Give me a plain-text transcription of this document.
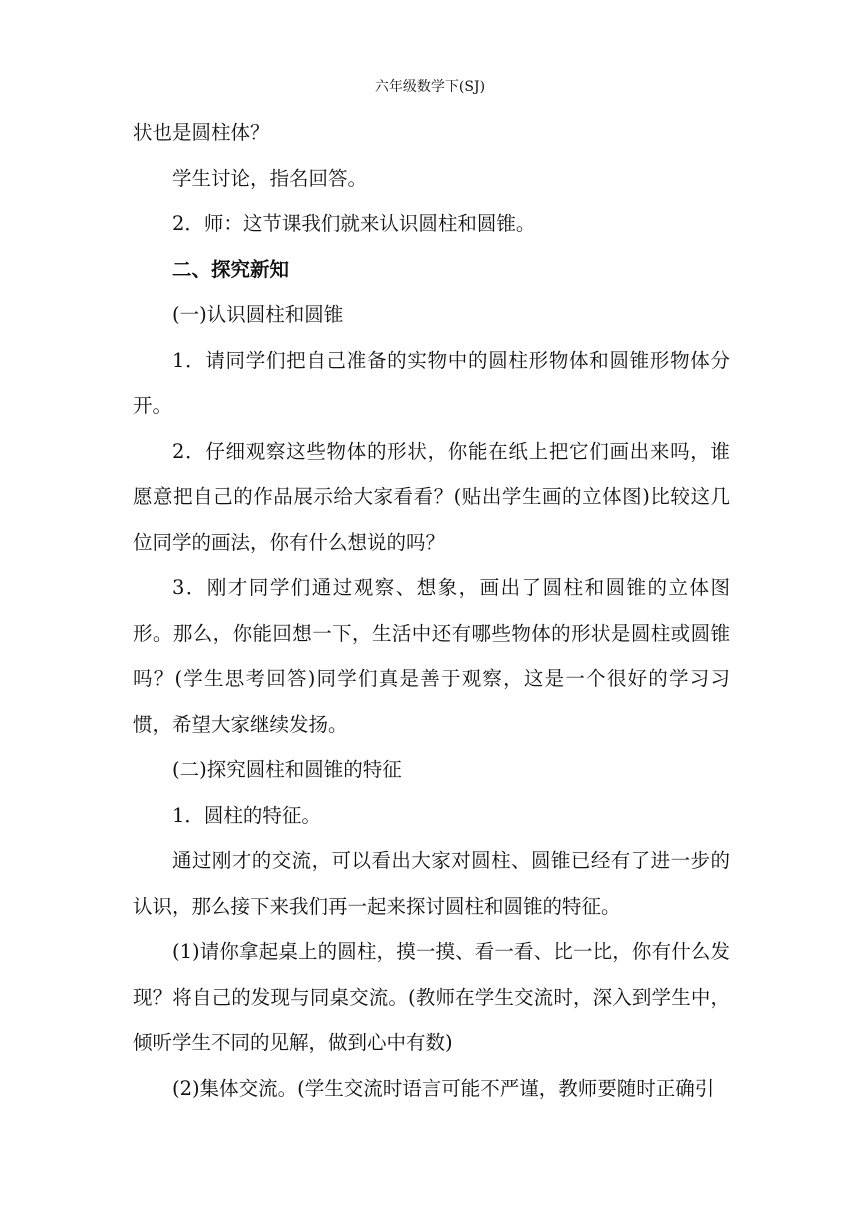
六年级数学下(SJ)

状也是圆柱体？

学生讨论，指名回答。

2．师：这节课我们就来认识圆柱和圆锥。

二、探究新知

(一)认识圆柱和圆锥

1．请同学们把自己准备的实物中的圆柱形物体和圆锥形物体分开。

2．仔细观察这些物体的形状，你能在纸上把它们画出来吗，谁愿意把自己的作品展示给大家看看？(贴出学生画的立体图)比较这几位同学的画法，你有什么想说的吗？

3．刚才同学们通过观察、想象，画出了圆柱和圆锥的立体图形。那么，你能回想一下，生活中还有哪些物体的形状是圆柱或圆锥吗？(学生思考回答)同学们真是善于观察，这是一个很好的学习习惯，希望大家继续发扬。

(二)探究圆柱和圆锥的特征

1．圆柱的特征。

通过刚才的交流，可以看出大家对圆柱、圆锥已经有了进一步的认识，那么接下来我们再一起来探讨圆柱和圆锥的特征。

(1)请你拿起桌上的圆柱，摸一摸、看一看、比一比，你有什么发现？将自己的发现与同桌交流。(教师在学生交流时，深入到学生中，倾听学生不同的见解，做到心中有数)

(2)集体交流。(学生交流时语言可能不严谨，教师要随时正确引
